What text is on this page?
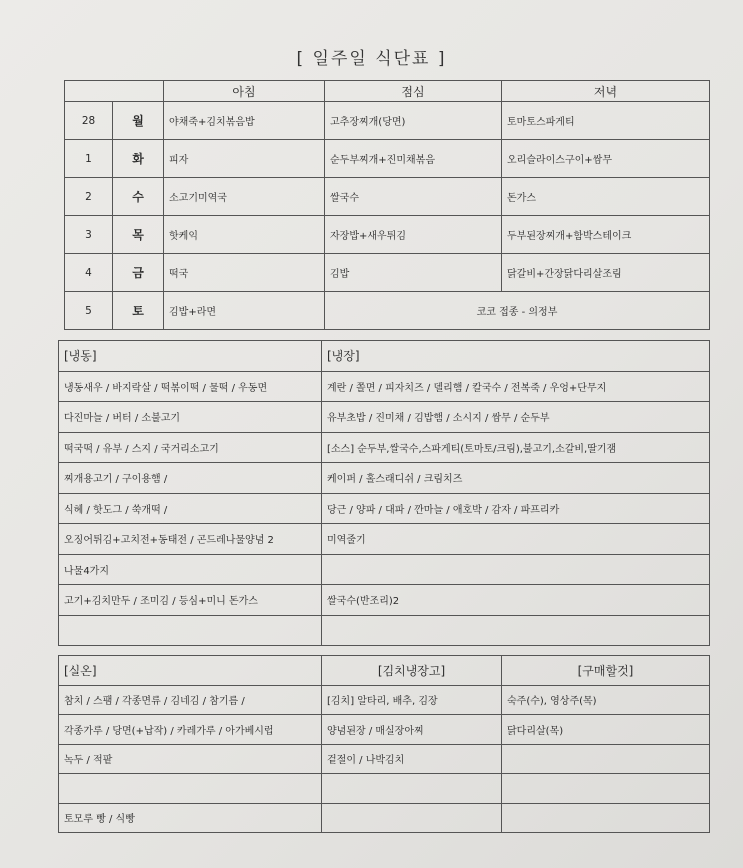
[ 일주일 식단표 ]
		아침	점심	저녁
28	월	야채죽+김치볶음밥	고추장찌개(당면)	토마토스파게티
1	화	피자	순두부찌개+진미채볶음	오리슬라이스구이+쌈무
2	수	소고기미역국	쌀국수	돈가스
3	목	핫케익	자장밥+새우튀김	두부된장찌개+함박스테이크
4	금	떡국	김밥	닭갈비+간장닭다리살조림
5	토	김밥+라면	코코 접종 - 의정부	
[냉동]	[냉장]
냉동새우 / 바지락살 / 떡볶이떡 / 물떡 / 우동면	계란 / 쫄면 / 피자치즈 / 델리햄 / 칼국수 / 전복죽 / 우엉+단무지
다진마늘 / 버터 / 소불고기	유부초밥 / 진미채 / 김밥햄 / 소시지 / 쌈무 / 순두부
떡국떡 / 유부 / 스지 / 국거리소고기	[소스] 순두부,쌀국수,스파게티(토마토/크림),불고기,소갈비,딸기잼
찌개용고기 / 구이용햄 /	케이퍼 / 홀스래디쉬 / 크림치즈
식혜 / 핫도그 / 쑥개떡 /	당근 / 양파 / 대파 / 깐마늘 / 애호박 / 감자 / 파프리카
오징어튀김+고치전+동태전 / 곤드레나물양념 2	미역줄기
나물4가지	
고기+김치만두 / 조미김 / 등심+미니 돈가스	쌀국수(반조리)2

[실온]	[김치냉장고]	[구매할것]
참치 / 스팸 / 각종면류 / 김네김 / 참기름 /	[김치] 알타리, 배추, 김장	숙주(수), 영상주(목)
각종가루 / 당면(+납작) / 카레가루 / 아가베시럽	양념된장 / 매실장아찌	닭다리살(목)
녹두 / 적팥	겉절이 / 나박김치	

토모루 빵 / 식빵		
